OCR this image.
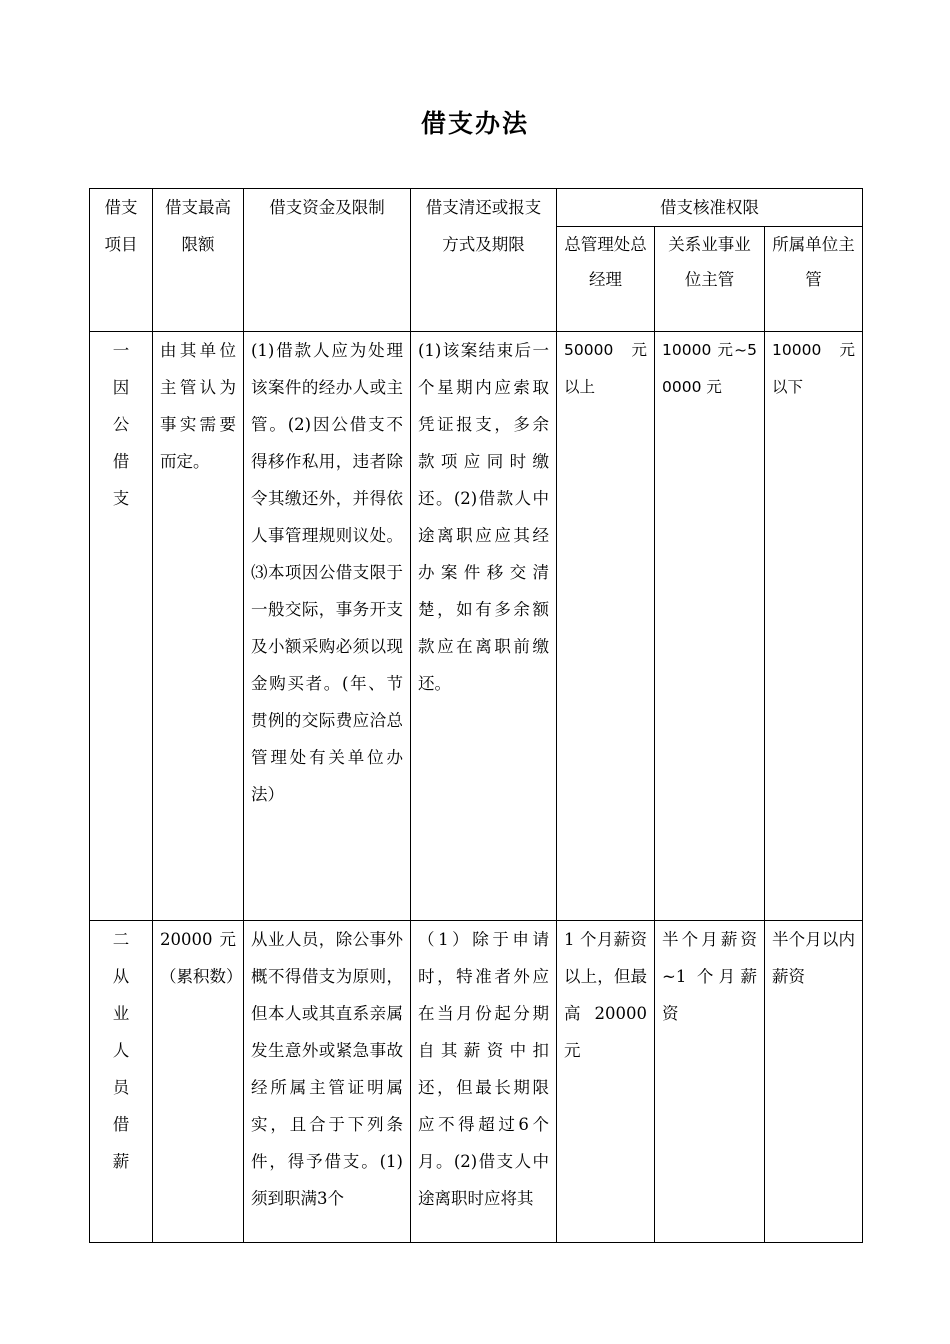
借支办法
借支项目	借支最高限额	借支资金及限制	借支清还或报支方式及期限	借支核准权限		
				总管理处总经理	关系业事业位主管	所属单位主管
一因公借支	由其单位主管认为事实需要而定。	(1)借款人应为处理该案件的经办人或主管。(2)因公借支不得移作私用，违者除令其缴还外，并得依人事管理规则议处。⑶本项因公借支限于一般交际，事务开支及小额采购必须以现金购买者。(年、节贯例的交际费应洽总管理处有关单位办法）	(1)该案结束后一个星期内应索取凭证报支，多余款项应同时缴还。(2)借款人中途离职应应其经办案件移交清楚，如有多余额款应在离职前缴还。	50000 元以上	10000 元~50000 元	10000 元以下
二从业人员借薪	20000 元（累积数）	从业人员，除公事外概不得借支为原则，但本人或其直系亲属发生意外或紧急事故经所属主管证明属实，且合于下列条件，得予借支。(1)须到职满3个	（1）除于申请时，特准者外应在当月份起分期自其薪资中扣还，但最长期限应不得超过6个月。(2)借支人中途离职时应将其	1 个月薪资以上，但最高20000 元	半个月薪资~1 个月薪资	半个月以内薪资
